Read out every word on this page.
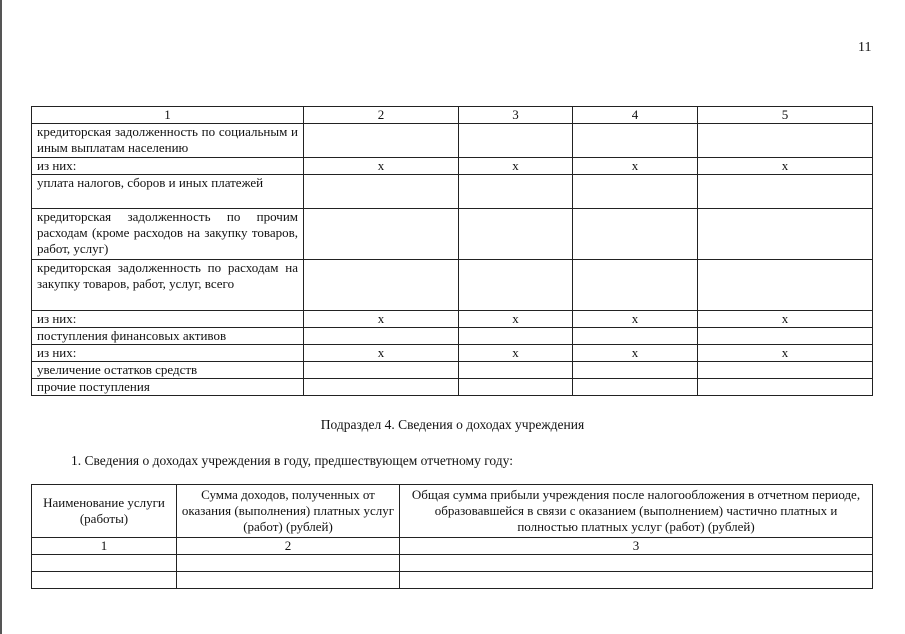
11
1	2	3	4	5
кредиторская задолженность по социальным и иным выплатам населению				
из них:	x	x	x	x
уплата налогов, сборов и иных платежей				
кредиторская задолженность по прочим расходам (кроме расходов на закупку товаров, работ, услуг)				
кредиторская задолженность по расходам на закупку товаров, работ, услуг, всего				
из них:	x	x	x	x
поступления финансовых активов				
из них:	x	x	x	x
увеличение остатков средств				
прочие поступления				
Подраздел 4. Сведения о доходах учреждения
1. Сведения о доходах учреждения в году, предшествующем отчетному году:
Наименование услуги (работы)	Сумма доходов, полученных от оказания (выполнения) платных услуг (работ) (рублей)	Общая сумма прибыли учреждения после налогообложения в отчетном периоде, образовавшейся в связи с оказанием (выполнением) частично платных и полностью платных услуг (работ) (рублей)
1	2	3
